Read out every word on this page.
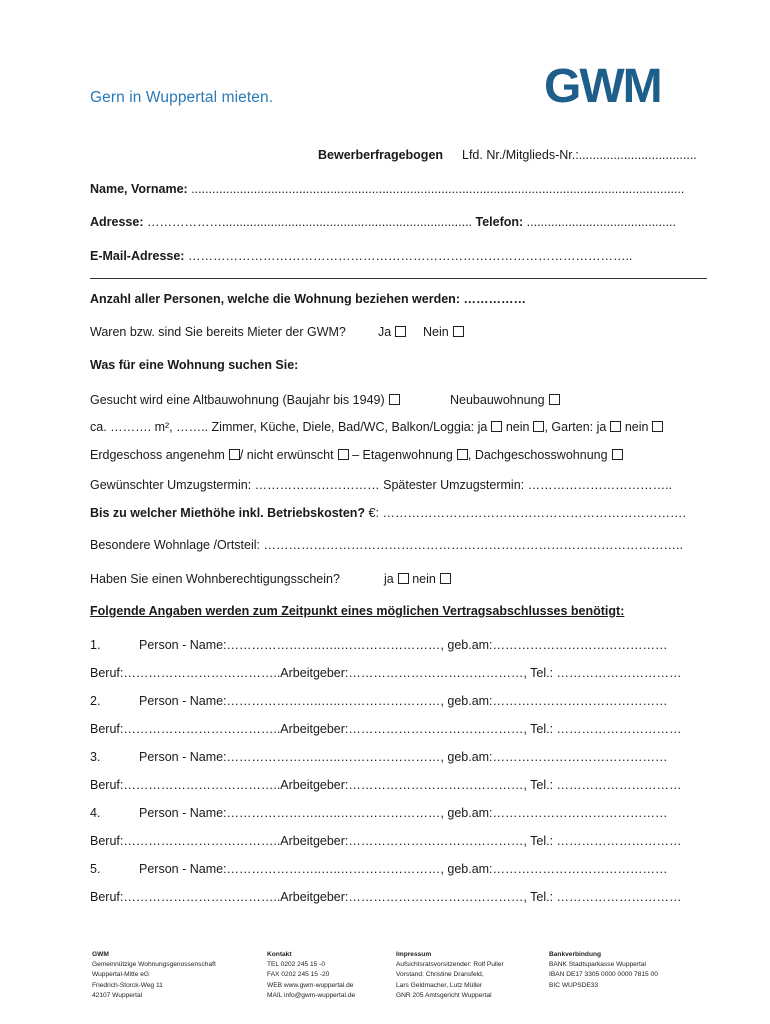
Gern in Wuppertal mieten.	GWM
Bewerberfragebogen Lfd. Nr./Mitglieds-Nr.:..................................
Name, Vorname: ..............................................................................................................................................
Adresse: ………………........................................................................ Telefon: ...........................................
E-Mail-Adresse: ……………………………………………………………………………………………..
Anzahl aller Personen, welche die Wohnung beziehen werden: ……………
Waren bzw. sind Sie bereits Mieter der GWM?	Ja	Nein
Was für eine Wohnung suchen Sie:
Gesucht wird eine Altbauwohnung (Baujahr bis 1949)	Neubauwohnung
ca. ………. m², …….. Zimmer, Küche, Diele, Bad/WC, Balkon/Loggia: ja nein , Garten: ja nein
Erdgeschoss angenehm / nicht erwünscht – Etagenwohnung , Dachgeschosswohnung
Gewünschter Umzugstermin: ………………………… Spätester Umzugstermin: ……………………………..
Bis zu welcher Miethöhe inkl. Betriebskosten? €: ……………………………………………………………….
Besondere Wohnlage /Ortsteil: ………………………………………………………………………………………..
Haben Sie einen Wohnberechtigungsschein?	ja nein
Folgende Angaben werden zum Zeitpunkt eines möglichen Vertragsabschlusses benötigt:
1.	Person - Name:…………………..…..……………………, geb.am:……………………………………
Beruf:………………………………..Arbeitgeber:……………………………………, Tel.: …………………………
2.	Person - Name:…………………..…..……………………, geb.am:……………………………………
Beruf:………………………………..Arbeitgeber:……………………………………, Tel.: …………………………
3.	Person - Name:…………………..…..……………………, geb.am:……………………………………
Beruf:………………………………..Arbeitgeber:……………………………………, Tel.: …………………………
4.	Person - Name:…………………..…..……………………, geb.am:……………………………………
Beruf:………………………………..Arbeitgeber:……………………………………, Tel.: …………………………
5.	Person - Name:…………………..…..……………………, geb.am:……………………………………
Beruf:………………………………..Arbeitgeber:……………………………………, Tel.: …………………………
GWM
Gemeinnützige Wohnungsgenossenschaft
Wuppertal-Mitte eG
Friedrich-Storck-Weg 11
42107 Wuppertal
Kontakt
TEL 0202 245 15 -0
FAX 0202 245 15 -20
WEB www.gwm-wuppertal.de
MAIL info@gwm-wuppertal.de
Impressum
Aufsichtsratsvorsitzender: Rolf Puller
Vorstand: Christine Dransfeld,
Lars Geldmacher, Lutz Müller
GNR 205 Amtsgericht Wuppertal
Bankverbindung
BANK Stadtsparkasse Wuppertal
IBAN DE17 3305 0000 0000 7815 00
BIC WUPSDE33
